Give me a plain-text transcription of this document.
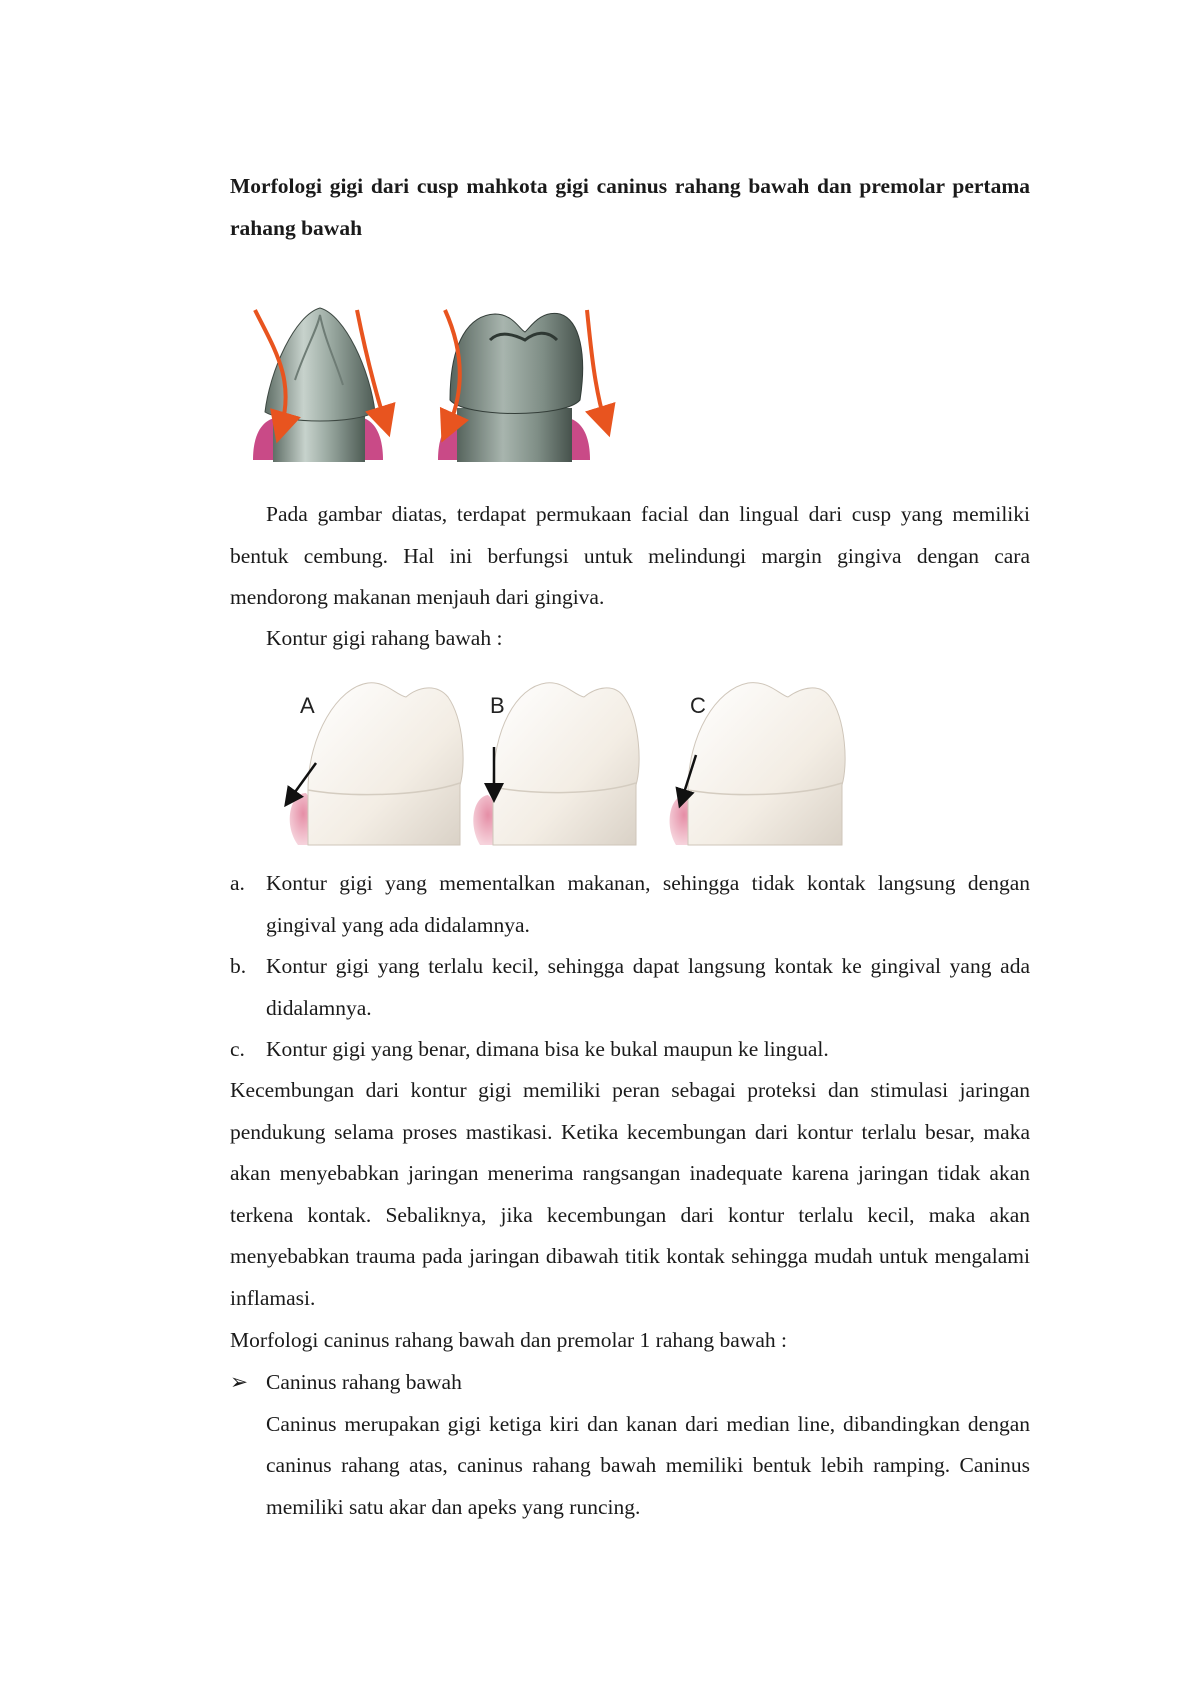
Morfologi gigi dari cusp mahkota gigi caninus rahang bawah dan premolar pertama rahang bawah
Pada gambar diatas, terdapat permukaan facial dan lingual dari cusp yang memiliki bentuk cembung. Hal ini berfungsi untuk melindungi margin gingiva dengan cara mendorong makanan menjauh dari gingiva.
Kontur gigi rahang bawah :
A	B	C
a. Kontur gigi yang mementalkan makanan, sehingga tidak kontak langsung dengan gingival yang ada didalamnya.
b. Kontur gigi yang terlalu kecil, sehingga dapat langsung kontak ke gingival yang ada didalamnya.
c. Kontur gigi yang benar, dimana bisa ke bukal maupun ke lingual.
Kecembungan dari kontur gigi memiliki peran sebagai proteksi dan stimulasi jaringan pendukung selama proses mastikasi. Ketika kecembungan dari kontur terlalu besar, maka akan menyebabkan jaringan menerima rangsangan inadequate karena jaringan tidak akan terkena kontak. Sebaliknya, jika kecembungan dari kontur terlalu kecil, maka akan menyebabkan trauma pada jaringan dibawah titik kontak sehingga mudah untuk mengalami inflamasi.
Morfologi caninus rahang bawah dan premolar 1 rahang bawah :
➢ Caninus rahang bawah
Caninus merupakan gigi ketiga kiri dan kanan dari median line, dibandingkan dengan caninus rahang atas, caninus rahang bawah memiliki bentuk lebih ramping. Caninus memiliki satu akar dan apeks yang runcing.
